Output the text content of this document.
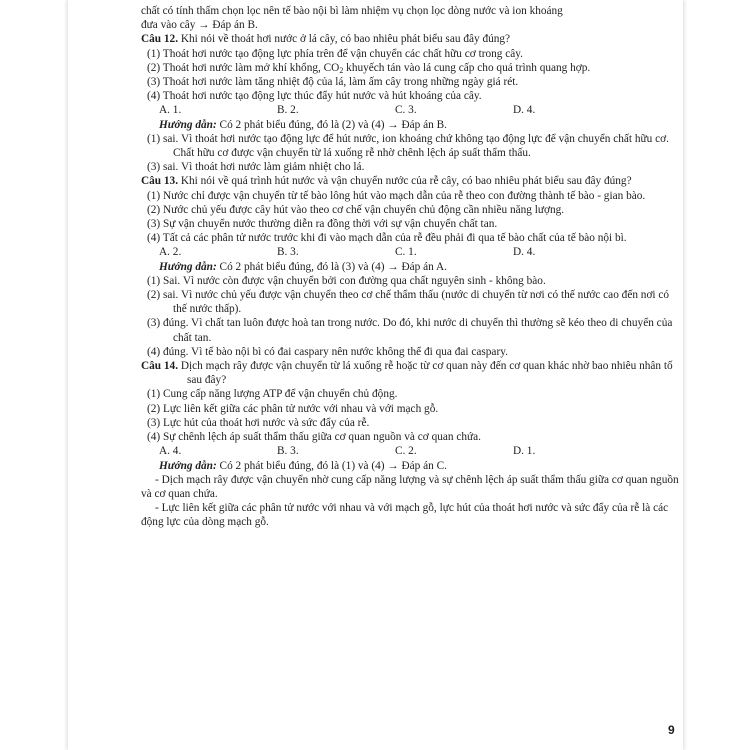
chất có tính thấm chọn lọc nên tế bào nội bì làm nhiệm vụ chọn lọc dòng nước và ion khoáng

đưa vào cây → Đáp án B.

Câu 12. Khi nói về thoát hơi nước ở lá cây, có bao nhiêu phát biểu sau đây đúng?

(1) Thoát hơi nước tạo động lực phía trên để vận chuyển các chất hữu cơ trong cây.

(2) Thoát hơi nước làm mở khí khổng, $CO_2$ khuyếch tán vào lá cung cấp cho quá trình quang hợp.

(3) Thoát hơi nước làm tăng nhiệt độ của lá, làm ấm cây trong những ngày giá rét.

(4) Thoát hơi nước tạo động lực thúc đẩy hút nước và hút khoáng của cây.

A. 1.	B. 2.	C. 3.	D. 4.

Hướng dẫn: Có 2 phát biểu đúng, đó là (2) và (4) → Đáp án B.

(1) sai. Vì thoát hơi nước tạo động lực để hút nước, ion khoáng chứ không tạo động lực để vận chuyển chất hữu cơ. Chất hữu cơ được vận chuyển từ lá xuống rễ nhờ chênh lệch áp suất thẩm thấu.

(3) sai. Vì thoát hơi nước làm giảm nhiệt cho lá.

Câu 13. Khi nói về quá trình hút nước và vận chuyển nước của rễ cây, có bao nhiêu phát biểu sau đây đúng?

(1) Nước chỉ được vận chuyển từ tế bào lông hút vào mạch dẫn của rễ theo con đường thành tế bào - gian bào.

(2) Nước chủ yếu được cây hút vào theo cơ chế vận chuyển chủ động cần nhiều năng lượng.

(3) Sự vận chuyển nước thường diễn ra đồng thời với sự vận chuyển chất tan.

(4) Tất cả các phân tử nước trước khi đi vào mạch dẫn của rễ đều phải đi qua tế bào chất của tế bào nội bì.

A. 2.	B. 3.	C. 1.	D. 4.

Hướng dẫn: Có 2 phát biểu đúng, đó là (3) và (4) → Đáp án A.

(1) Sai. Vì nước còn được vận chuyển bởi con đường qua chất nguyên sinh - không bào.

(2) sai. Vì nước chủ yếu được vận chuyển theo cơ chế thẩm thấu (nước di chuyển từ nơi có thế nước cao đến nơi có thế nước thấp).

(3) đúng. Vì chất tan luôn được hoà tan trong nước. Do đó, khi nước di chuyển thì thường sẽ kéo theo di chuyển của chất tan.

(4) đúng. Vì tế bào nội bì có đai caspary nên nước không thể đi qua đai caspary.

Câu 14. Dịch mạch rây được vận chuyển từ lá xuống rễ hoặc từ cơ quan này đến cơ quan khác nhờ bao nhiêu nhân tố sau đây?

(1) Cung cấp năng lượng ATP để vận chuyển chủ động.

(2) Lực liên kết giữa các phân tử nước với nhau và với mạch gỗ.

(3) Lực hút của thoát hơi nước và sức đẩy của rễ.

(4) Sự chênh lệch áp suất thẩm thấu giữa cơ quan nguồn và cơ quan chứa.

A. 4.	B. 3.	C. 2.	D. 1.

Hướng dẫn: Có 2 phát biểu đúng, đó là (1) và (4) → Đáp án C.

- Dịch mạch rây được vận chuyển nhờ cung cấp năng lượng và sự chênh lệch áp suất thẩm thấu giữa cơ quan nguồn và cơ quan chứa.

- Lực liên kết giữa các phân tử nước với nhau và với mạch gỗ, lực hút của thoát hơi nước và sức đẩy của rễ là các động lực của dòng mạch gỗ.

9
